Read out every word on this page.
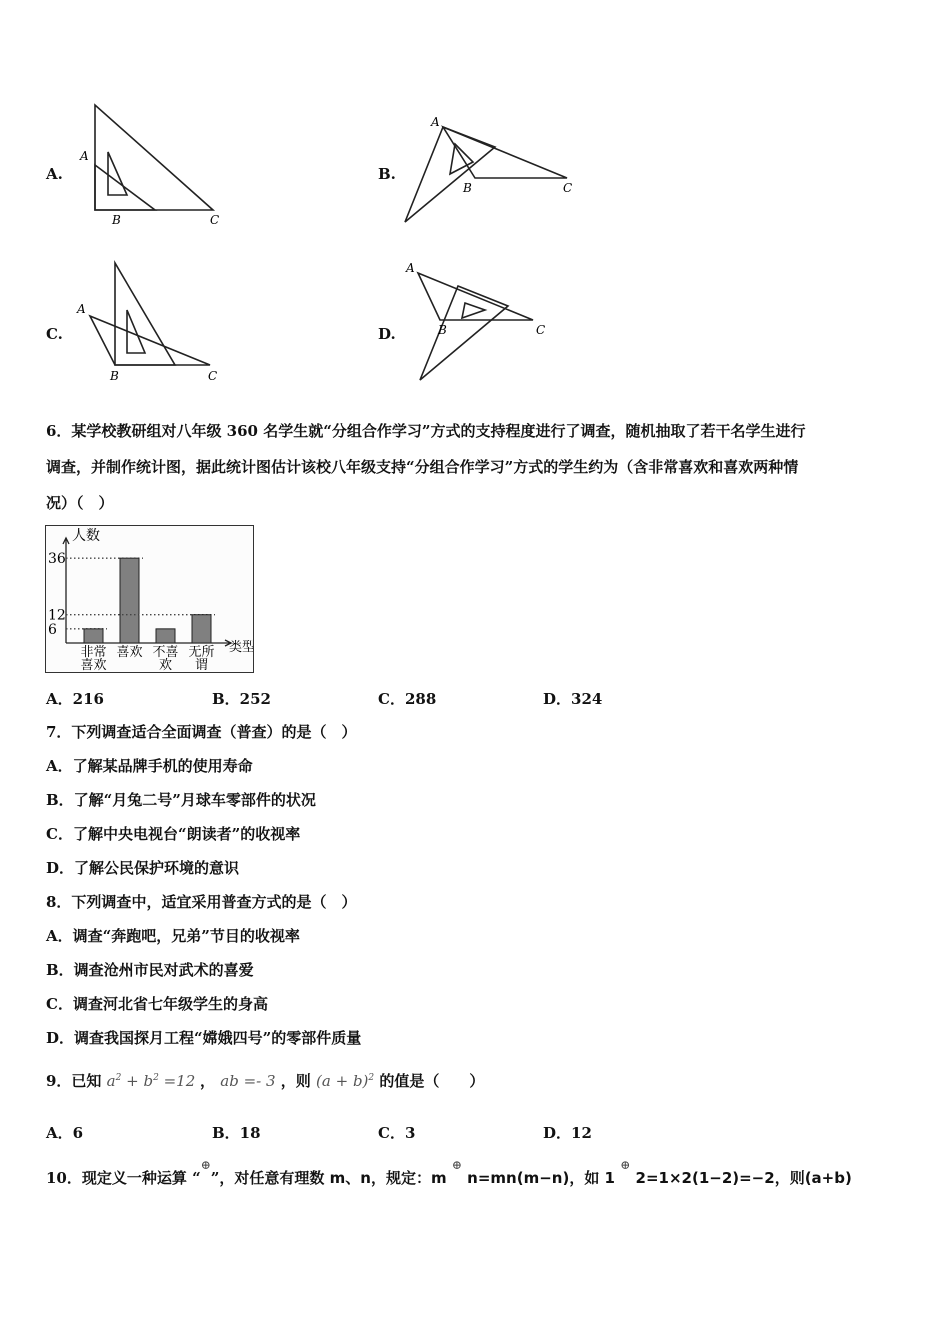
A.
A
B	C
B.
A
B	C
C.
A
B	C
D.
A
B	C
6．某学校教研组对八年级 360 名学生就“分组合作学习”方式的支持程度进行了调查，随机抽取了若干名学生进行
调查，并制作统计图，据此统计图估计该校八年级支持“分组合作学习”方式的学生约为（含非常喜欢和喜欢两种情
况）（　）
人数
类型
36
12
6
非常
喜欢
喜欢 不喜
欢
无所
谓
A．216	B．252	C．288	D．324
7．下列调查适合全面调查（普查）的是（　）
A．了解某品牌手机的使用寿命
B．了解“月兔二号”月球车零部件的状况
C．了解中央电视台“朗读者”的收视率
D．了解公民保护环境的意识
8．下列调查中，适宜采用普查方式的是（　）
A．调查“奔跑吧，兄弟”节目的收视率
B．调查沧州市民对武术的喜爱
C．调查河北省七年级学生的身高
D．调查我国探月工程“嫦娥四号”的零部件质量
9．已知 $a^2 + b^2 =12$ ， ab =- 3 ，则 $(a + b)^2$ 的值是（　　）
A．6	B．18	C．3	D．12
10．现定义一种运算 “⊕”，对任意有理数 m、n，规定：m ⊕ n=mn(m−n)，如 1 ⊕ 2=1×2(1−2)=−2，则(a+b)
